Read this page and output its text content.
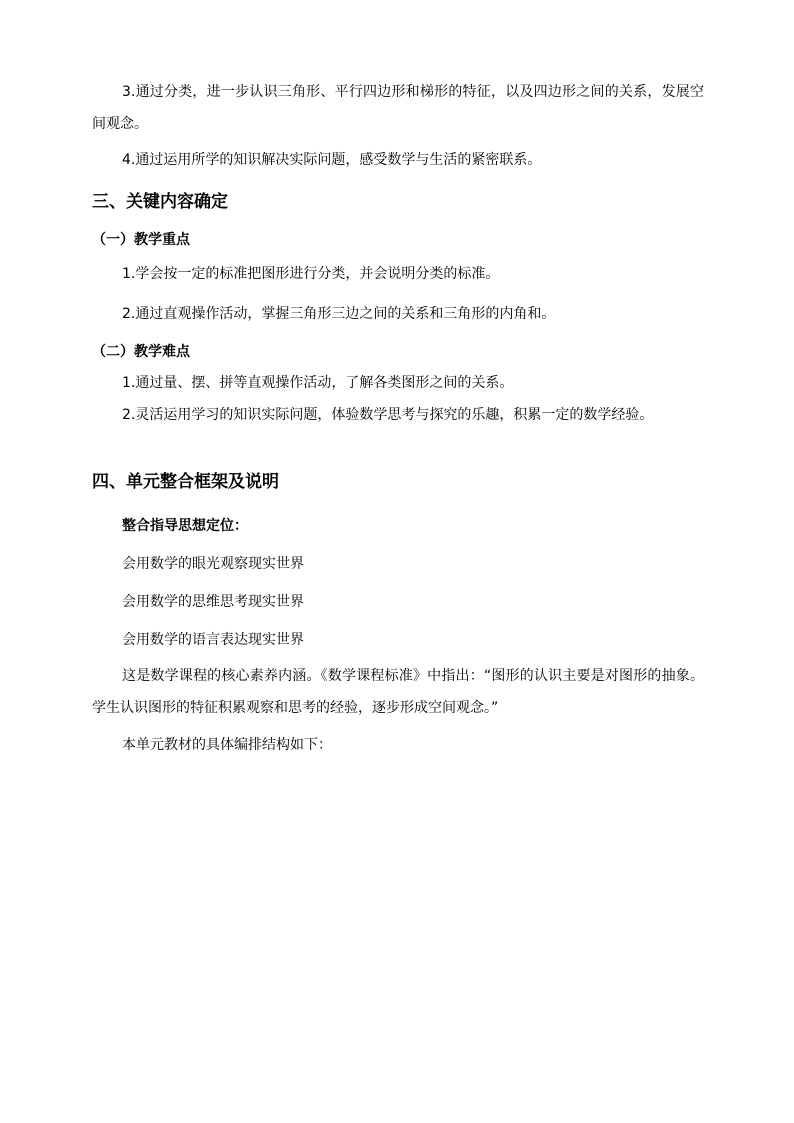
3.通过分类，进一步认识三角形、平行四边形和梯形的特征，以及四边形之间的关系，发展空间观念。

4.通过运用所学的知识解决实际问题，感受数学与生活的紧密联系。

三、关键内容确定
（一）教学重点

1.学会按一定的标准把图形进行分类，并会说明分类的标准。

2.通过直观操作活动，掌握三角形三边之间的关系和三角形的内角和。

（二）教学难点

1.通过量、摆、拼等直观操作活动，了解各类图形之间的关系。

2.灵活运用学习的知识实际问题，体验数学思考与探究的乐趣，积累一定的数学经验。

四、单元整合框架及说明

整合指导思想定位：

会用数学的眼光观察现实世界

会用数学的思维思考现实世界

会用数学的语言表达现实世界

这是数学课程的核心素养内涵。《数学课程标准》中指出：“图形的认识主要是对图形的抽象。学生认识图形的特征积累观察和思考的经验，逐步形成空间观念。”

本单元教材的具体编排结构如下：
